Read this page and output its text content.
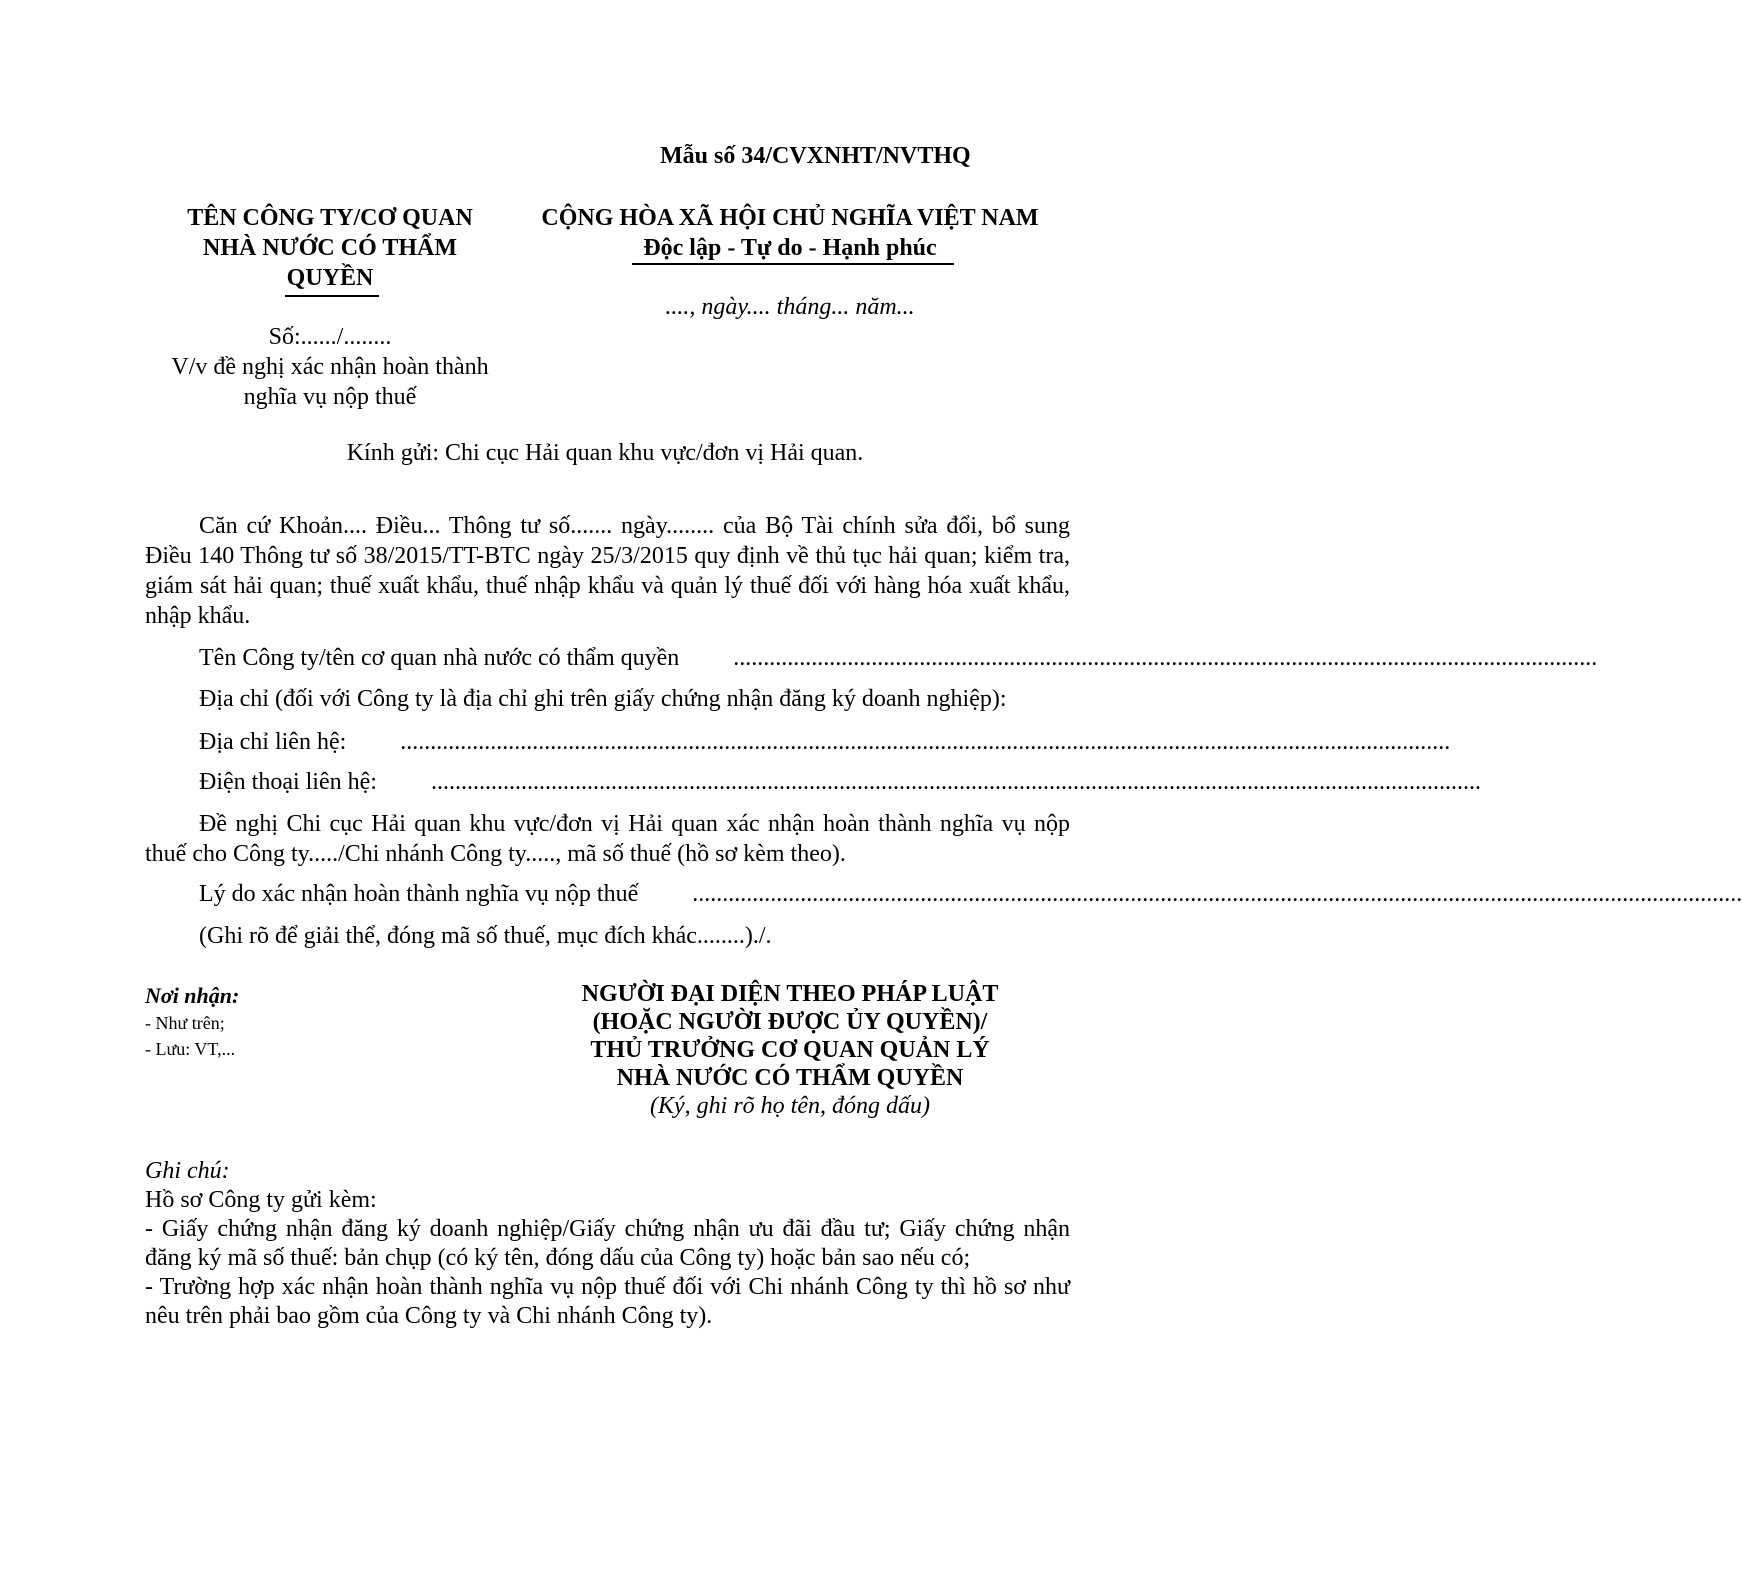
Mẫu số 34/CVXNHT/NVTHQ
TÊN CÔNG TY/CƠ QUAN
NHÀ NƯỚC CÓ THẨM
QUYỀN
CỘNG HÒA XÃ HỘI CHỦ NGHĨA VIỆT NAM
Độc lập - Tự do - Hạnh phúc
...., ngày.... tháng... năm...
Số:....../........
V/v đề nghị xác nhận hoàn thành
nghĩa vụ nộp thuế
Kính gửi: Chi cục Hải quan khu vực/đơn vị Hải quan.

Căn cứ Khoản.... Điều... Thông tư số....... ngày........ của Bộ Tài chính sửa đổi, bổ sung Điều 140 Thông tư số 38/2015/TT-BTC ngày 25/3/2015 quy định về thủ tục hải quan; kiểm tra, giám sát hải quan; thuế xuất khẩu, thuế nhập khẩu và quản lý thuế đối với hàng hóa xuất khẩu, nhập khẩu.

Tên Công ty/tên cơ quan nhà nước có thẩm quyền	................................................................................................................................................

Địa chỉ (đối với Công ty là địa chỉ ghi trên giấy chứng nhận đăng ký doanh nghiệp):

Địa chỉ liên hệ:	...............................................................................................................................................................................
Điện thoại liên hệ:	...............................................................................................................................................................................

Đề nghị Chi cục Hải quan khu vực/đơn vị Hải quan xác nhận hoàn thành nghĩa vụ nộp thuế cho Công ty...../Chi nhánh Công ty....., mã số thuế (hồ sơ kèm theo).

Lý do xác nhận hoàn thành nghĩa vụ nộp thuế	...............................................................................................................................................................................

(Ghi rõ để giải thể, đóng mã số thuế, mục đích khác........)./.

Nơi nhận:
- Như trên;
- Lưu: VT,...
NGƯỜI ĐẠI DIỆN THEO PHÁP LUẬT
(HOẶC NGƯỜI ĐƯỢC ỦY QUYỀN)/
THỦ TRƯỞNG CƠ QUAN QUẢN LÝ
NHÀ NƯỚC CÓ THẨM QUYỀN
(Ký, ghi rõ họ tên, đóng dấu)

Ghi chú:

Hồ sơ Công ty gửi kèm:

- Giấy chứng nhận đăng ký doanh nghiệp/Giấy chứng nhận ưu đãi đầu tư; Giấy chứng nhận đăng ký mã số thuế: bản chụp (có ký tên, đóng dấu của Công ty) hoặc bản sao nếu có;

- Trường hợp xác nhận hoàn thành nghĩa vụ nộp thuế đối với Chi nhánh Công ty thì hồ sơ như nêu trên phải bao gồm của Công ty và Chi nhánh Công ty).
